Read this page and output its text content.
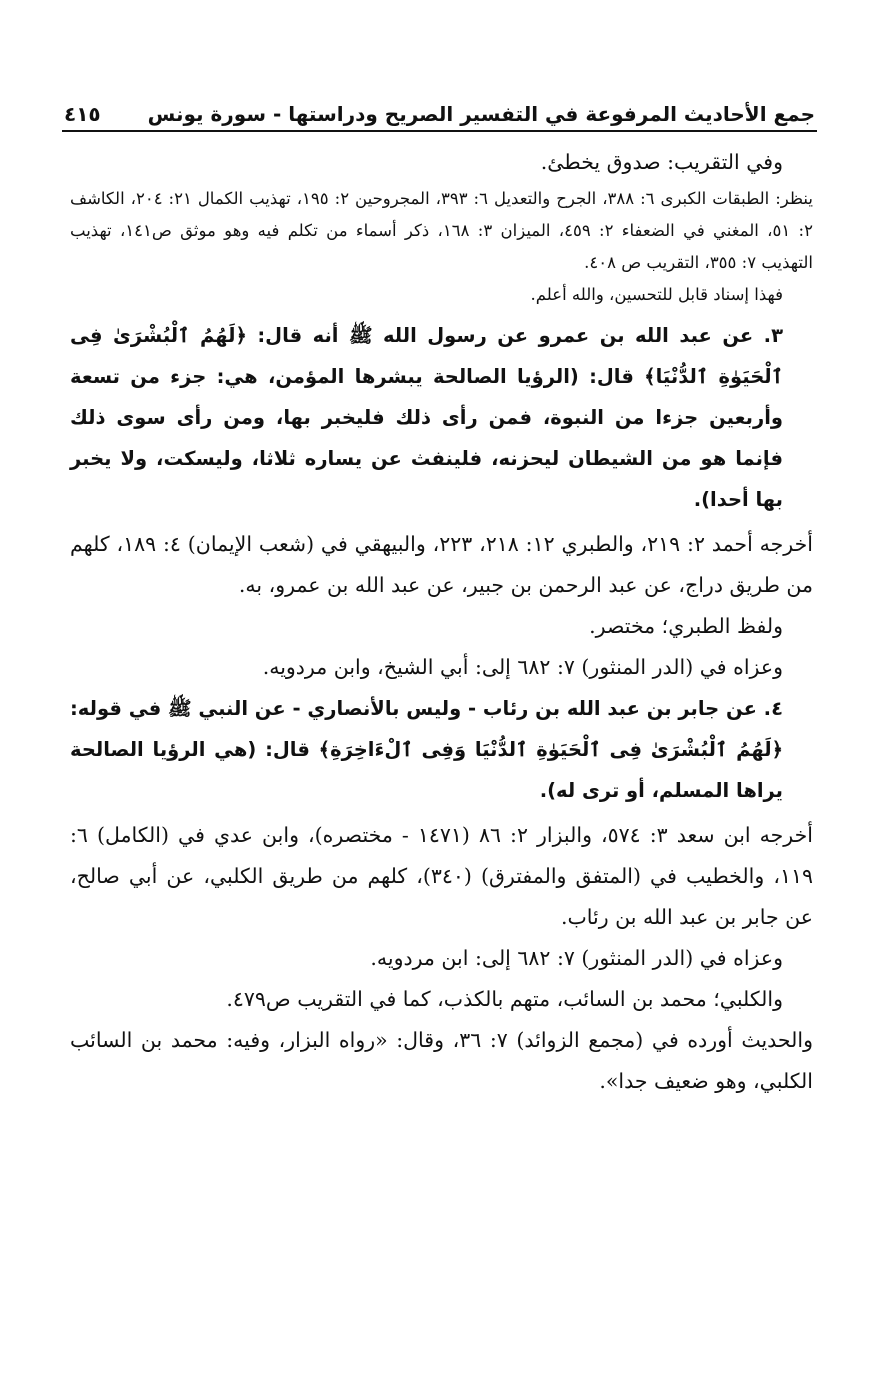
جمع الأحاديث المرفوعة في التفسير الصريح ودراستها - سورة يونس
٤١٥

وفي التقريب: صدوق يخطئ.

ينظر: الطبقات الكبرى ٦: ٣٨٨، الجرح والتعديل ٦: ٣٩٣، المجروحين ٢: ١٩٥، تهذيب الكمال ٢١: ٢٠٤، الكاشف ٢: ٥١، المغني في الضعفاء ٢: ٤٥٩، الميزان ٣: ١٦٨، ذكر أسماء من تكلم فيه وهو موثق ص١٤١، تهذيب التهذيب ٧: ٣٥٥، التقريب ص ٤٠٨.

فهذا إسناد قابل للتحسين، والله أعلم.

٣. عن عبد الله بن عمرو عن رسول الله ﷺ أنه قال: ﴿لَهُمُ ٱلْبُشْرَىٰ فِى ٱلْحَيَوٰةِ ٱلدُّنْيَا﴾ قال: (الرؤيا الصالحة يبشرها المؤمن، هي: جزء من تسعة وأربعين جزءا من النبوة، فمن رأى ذلك فليخبر بها، ومن رأى سوى ذلك فإنما هو من الشيطان ليحزنه، فلينفث عن يساره ثلاثا، وليسكت، ولا يخبر بها أحدا).

أخرجه أحمد ٢: ٢١٩، والطبري ١٢: ٢١٨، ٢٢٣، والبيهقي في (شعب الإيمان) ٤: ١٨٩، كلهم من طريق دراج، عن عبد الرحمن بن جبير، عن عبد الله بن عمرو، به.

ولفظ الطبري؛ مختصر.

وعزاه في (الدر المنثور) ٧: ٦٨٢ إلى: أبي الشيخ، وابن مردويه.

٤. عن جابر بن عبد الله بن رئاب - وليس بالأنصاري - عن النبي ﷺ في قوله: ﴿لَهُمُ ٱلْبُشْرَىٰ فِى ٱلْحَيَوٰةِ ٱلدُّنْيَا وَفِى ٱلْءَاخِرَةِ﴾ قال: (هي الرؤيا الصالحة يراها المسلم، أو ترى له).

أخرجه ابن سعد ٣: ٥٧٤، والبزار ٢: ٨٦ (١٤٧١ - مختصره)، وابن عدي في (الكامل) ٦: ١١٩، والخطيب في (المتفق والمفترق) (٣٤٠)، كلهم من طريق الكلبي، عن أبي صالح، عن جابر بن عبد الله بن رئاب.

وعزاه في (الدر المنثور) ٧: ٦٨٢ إلى: ابن مردويه.

والكلبي؛ محمد بن السائب، متهم بالكذب، كما في التقريب ص٤٧٩.

والحديث أورده في (مجمع الزوائد) ٧: ٣٦، وقال: «رواه البزار، وفيه: محمد بن السائب الكلبي، وهو ضعيف جدا».
